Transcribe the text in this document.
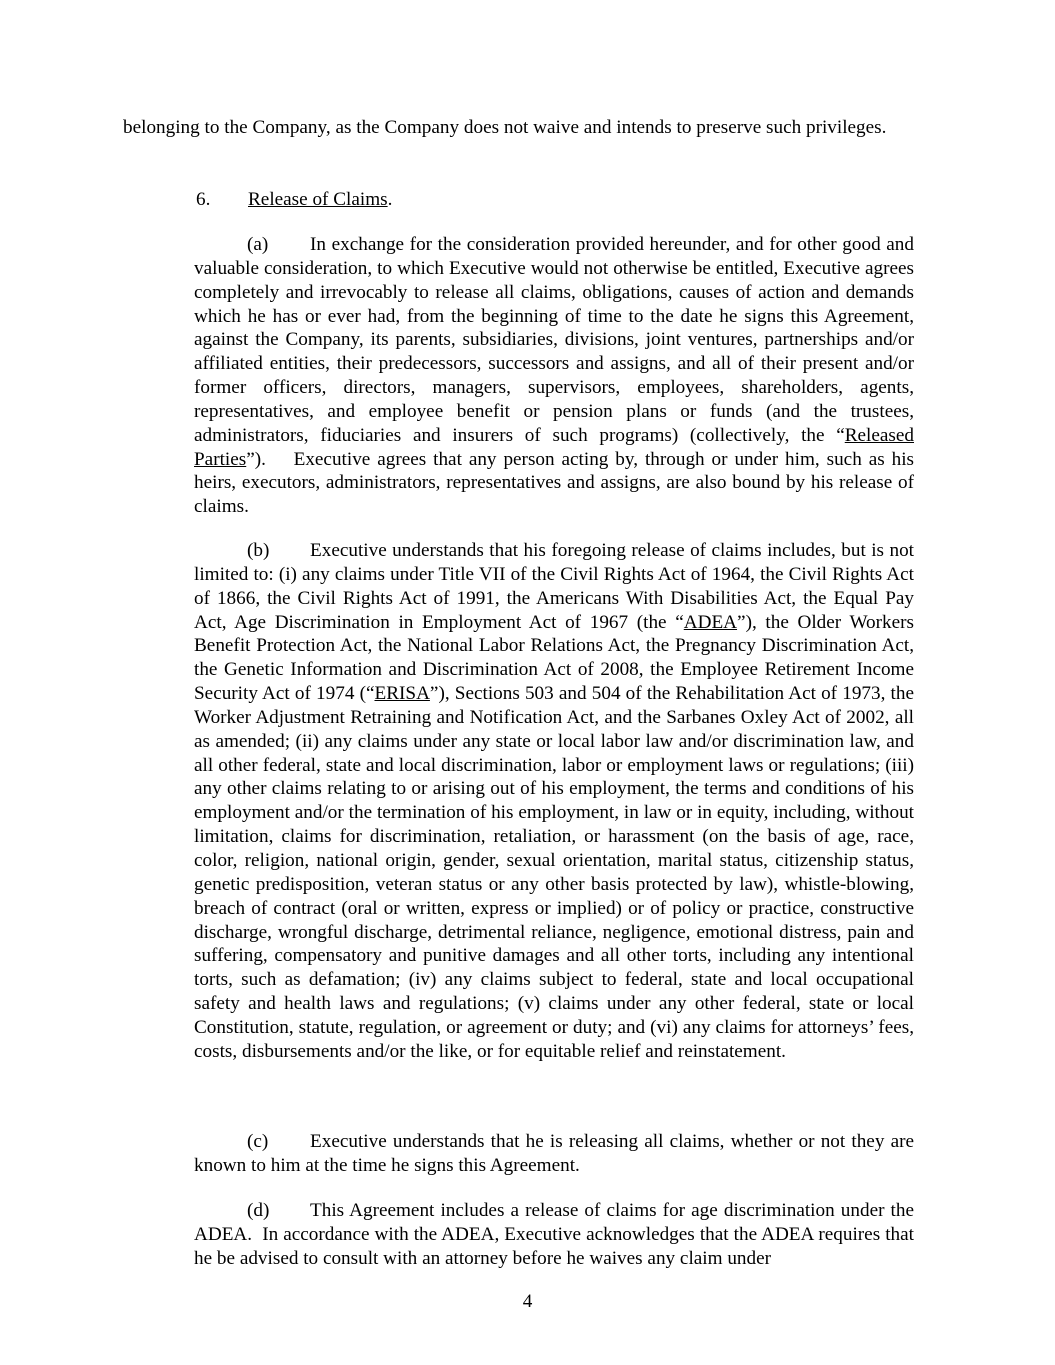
belonging to the Company, as the Company does not waive and intends to preserve such privileges.

6. Release of Claims.

(a) In exchange for the consideration provided hereunder, and for other good and valuable consideration, to which Executive would not otherwise be entitled, Executive agrees completely and irrevocably to release all claims, obligations, causes of action and demands which he has or ever had, from the beginning of time to the date he signs this Agreement, against the Company, its parents, subsidiaries, divisions, joint ventures, partnerships and/or affiliated entities, their predecessors, successors and assigns, and all of their present and/or former officers, directors, managers, supervisors, employees, shareholders, agents, representatives, and employee benefit or pension plans or funds (and the trustees, administrators, fiduciaries and insurers of such programs) (collectively, the “Released Parties”).    Executive agrees that any person acting by, through or under him, such as his heirs, executors, administrators, representatives and assigns, are also bound by his release of claims.

(b) Executive understands that his foregoing release of claims includes, but is not limited to: (i) any claims under Title VII of the Civil Rights Act of 1964, the Civil Rights Act of 1866, the Civil Rights Act of 1991, the Americans With Disabilities Act, the Equal Pay Act, Age Discrimination in Employment Act of 1967 (the “ADEA”), the Older Workers Benefit Protection Act, the National Labor Relations Act, the Pregnancy Discrimination Act, the Genetic Information and Discrimination Act of 2008, the Employee Retirement Income Security Act of 1974 (“ERISA”), Sections 503 and 504 of the Rehabilitation Act of 1973, the Worker Adjustment Retraining and Notification Act, and the Sarbanes Oxley Act of 2002, all as amended; (ii) any claims under any state or local labor law and/or discrimination law, and all other federal, state and local discrimination, labor or employment laws or regulations; (iii) any other claims relating to or arising out of his employment, the terms and conditions of his employment and/or the termination of his employment, in law or in equity, including, without limitation, claims for discrimination, retaliation, or harassment (on the basis of age, race, color, religion, national origin, gender, sexual orientation, marital status, citizenship status, genetic predisposition, veteran status or any other basis protected by law), whistle-blowing, breach of contract (oral or written, express or implied) or of policy or practice, constructive discharge, wrongful discharge, detrimental reliance, negligence, emotional distress, pain and suffering, compensatory and punitive damages and all other torts, including any intentional torts, such as defamation; (iv) any claims subject to federal, state and local occupational safety and health laws and regulations; (v) claims under any other federal, state or local Constitution, statute, regulation, or agreement or duty; and (vi) any claims for attorneys’ fees, costs, disbursements and/or the like, or for equitable relief and reinstatement.

(c) Executive understands that he is releasing all claims, whether or not they are known to him at the time he signs this Agreement.

(d) This Agreement includes a release of claims for age discrimination under the ADEA.  In accordance with the ADEA, Executive acknowledges that the ADEA requires that he be advised to consult with an attorney before he waives any claim under

4
